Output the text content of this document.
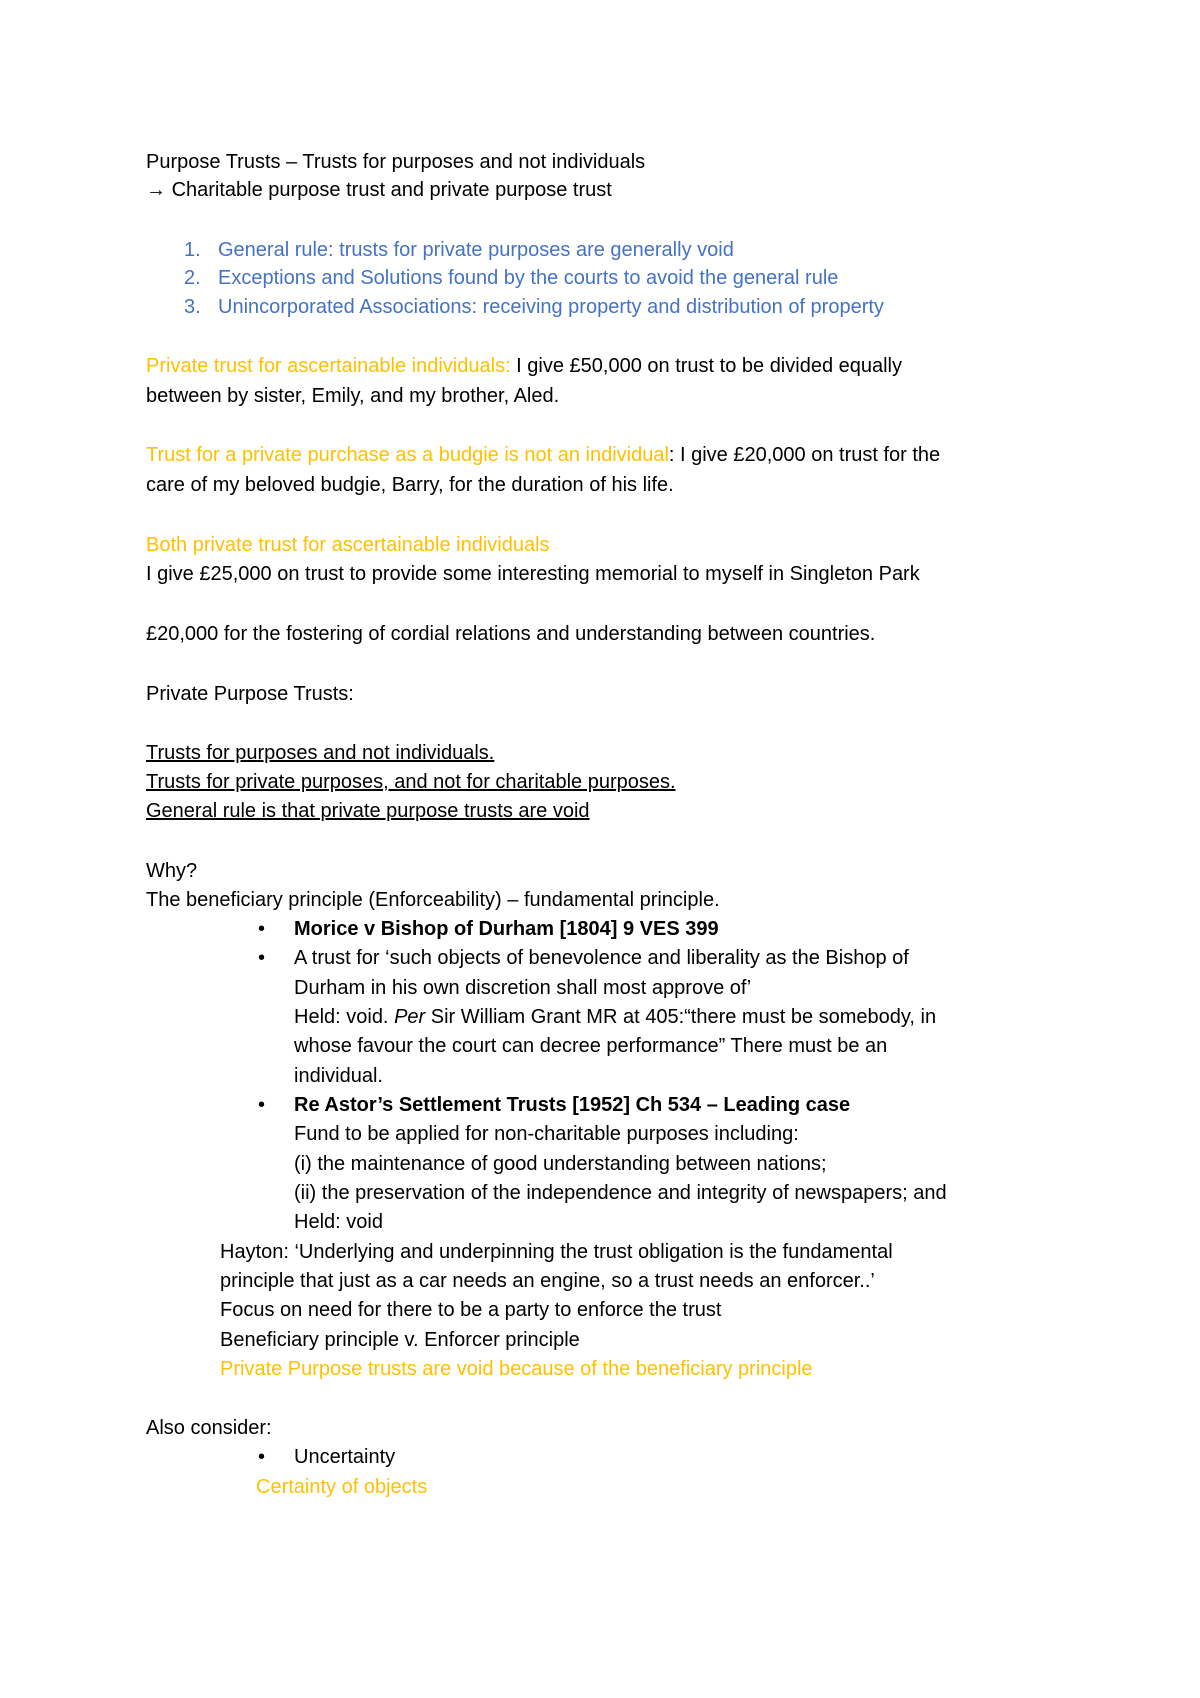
Purpose Trusts – Trusts for purposes and not individuals
→ Charitable purpose trust and private purpose trust
1. General rule: trusts for private purposes are generally void
2. Exceptions and Solutions found by the courts to avoid the general rule
3. Unincorporated Associations: receiving property and distribution of property
Private trust for ascertainable individuals: I give £50,000 on trust to be divided equally
between by sister, Emily, and my brother, Aled.
Trust for a private purchase as a budgie is not an individual: I give £20,000 on trust for the
care of my beloved budgie, Barry, for the duration of his life.
Both private trust for ascertainable individuals
I give £25,000 on trust to provide some interesting memorial to myself in Singleton Park
£20,000 for the fostering of cordial relations and understanding between countries.
Private Purpose Trusts:
Trusts for purposes and not individuals.
Trusts for private purposes, and not for charitable purposes.
General rule is that private purpose trusts are void
Why?
The beneficiary principle (Enforceability) – fundamental principle.
• Morice v Bishop of Durham [1804] 9 VES 399
• A trust for ‘such objects of benevolence and liberality as the Bishop of
Durham in his own discretion shall most approve of’
Held: void. Per Sir William Grant MR at 405:“there must be somebody, in
whose favour the court can decree performance” There must be an
individual.
• Re Astor’s Settlement Trusts [1952] Ch 534 – Leading case
Fund to be applied for non-charitable purposes including:
(i) the maintenance of good understanding between nations;
(ii) the preservation of the independence and integrity of newspapers; and
Held: void
Hayton: ‘Underlying and underpinning the trust obligation is the fundamental
principle that just as a car needs an engine, so a trust needs an enforcer..’
Focus on need for there to be a party to enforce the trust
Beneficiary principle v. Enforcer principle
Private Purpose trusts are void because of the beneficiary principle
Also consider:
• Uncertainty
Certainty of objects
